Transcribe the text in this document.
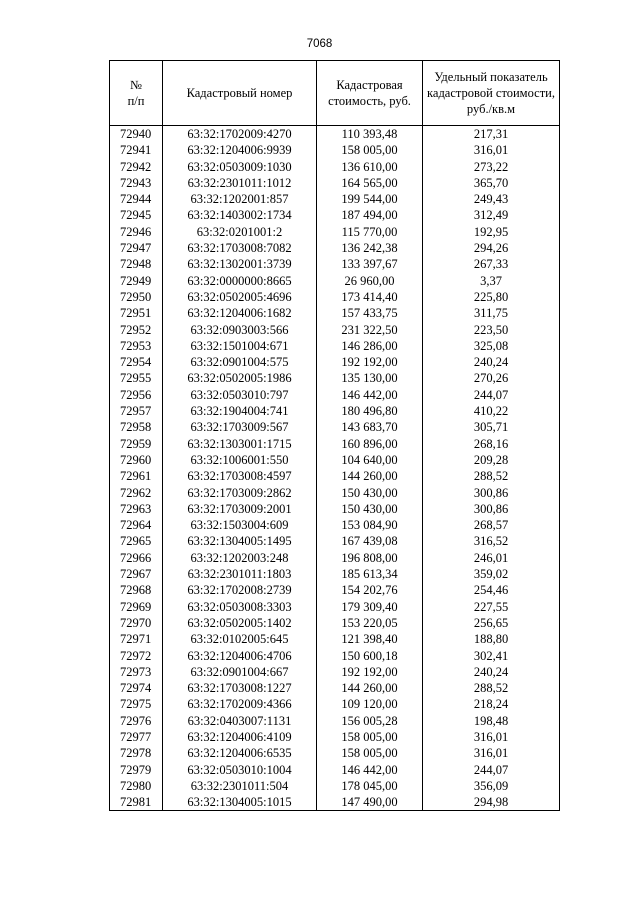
7068
№
п/п	Кадастровый номер	Кадастровая стоимость, руб.	Удельный показатель кадастровой стоимости, руб./кв.м
72940	63:32:1702009:4270	110 393,48	217,31
72941	63:32:1204006:9939	158 005,00	316,01
72942	63:32:0503009:1030	136 610,00	273,22
72943	63:32:2301011:1012	164 565,00	365,70
72944	63:32:1202001:857	199 544,00	249,43
72945	63:32:1403002:1734	187 494,00	312,49
72946	63:32:0201001:2	115 770,00	192,95
72947	63:32:1703008:7082	136 242,38	294,26
72948	63:32:1302001:3739	133 397,67	267,33
72949	63:32:0000000:8665	26 960,00	3,37
72950	63:32:0502005:4696	173 414,40	225,80
72951	63:32:1204006:1682	157 433,75	311,75
72952	63:32:0903003:566	231 322,50	223,50
72953	63:32:1501004:671	146 286,00	325,08
72954	63:32:0901004:575	192 192,00	240,24
72955	63:32:0502005:1986	135 130,00	270,26
72956	63:32:0503010:797	146 442,00	244,07
72957	63:32:1904004:741	180 496,80	410,22
72958	63:32:1703009:567	143 683,70	305,71
72959	63:32:1303001:1715	160 896,00	268,16
72960	63:32:1006001:550	104 640,00	209,28
72961	63:32:1703008:4597	144 260,00	288,52
72962	63:32:1703009:2862	150 430,00	300,86
72963	63:32:1703009:2001	150 430,00	300,86
72964	63:32:1503004:609	153 084,90	268,57
72965	63:32:1304005:1495	167 439,08	316,52
72966	63:32:1202003:248	196 808,00	246,01
72967	63:32:2301011:1803	185 613,34	359,02
72968	63:32:1702008:2739	154 202,76	254,46
72969	63:32:0503008:3303	179 309,40	227,55
72970	63:32:0502005:1402	153 220,05	256,65
72971	63:32:0102005:645	121 398,40	188,80
72972	63:32:1204006:4706	150 600,18	302,41
72973	63:32:0901004:667	192 192,00	240,24
72974	63:32:1703008:1227	144 260,00	288,52
72975	63:32:1702009:4366	109 120,00	218,24
72976	63:32:0403007:1131	156 005,28	198,48
72977	63:32:1204006:4109	158 005,00	316,01
72978	63:32:1204006:6535	158 005,00	316,01
72979	63:32:0503010:1004	146 442,00	244,07
72980	63:32:2301011:504	178 045,00	356,09
72981	63:32:1304005:1015	147 490,00	294,98
